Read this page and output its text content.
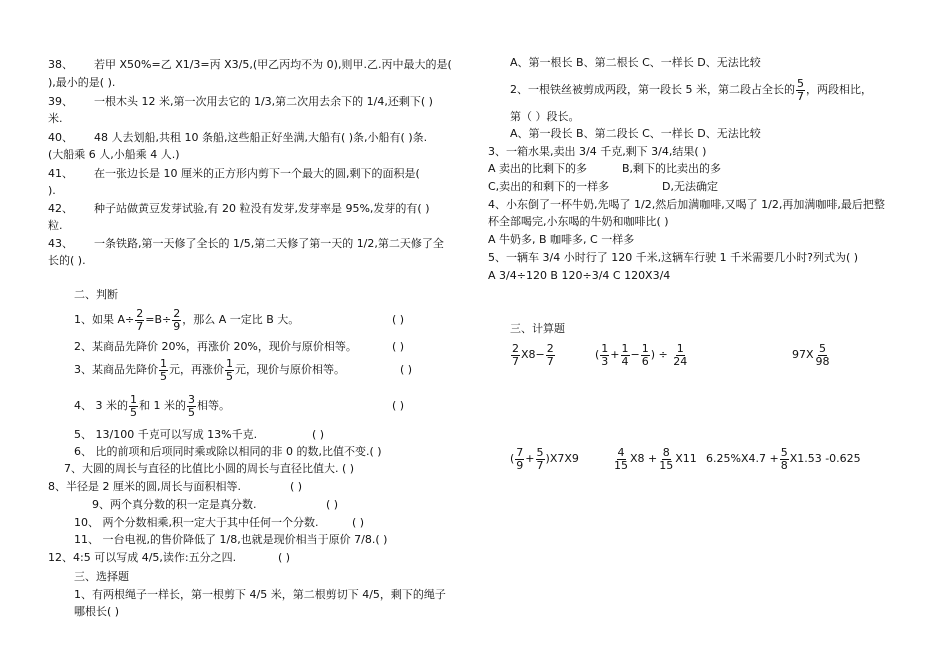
38、 若甲 X50%=乙 X1/3=丙 X3/5,(甲乙丙均不为 0),则甲.乙.丙中最大的是(
),最小的是( ).
39、 一根木头 12 米,第一次用去它的 1/3,第二次用去余下的 1/4,还剩下( )
米.
40、 48 人去划船,共租 10 条船,这些船正好坐满,大船有( )条,小船有( )条.
(大船乘 6 人,小船乘 4 人.)
41、 在一张边长是 10 厘米的正方形内剪下一个最大的圆,剩下的面积是(
).
42、 种子站做黄豆发芽试验,有 20 粒没有发芽,发芽率是 95%,发芽的有( )
粒.
43、 一条铁路,第一天修了全长的 1/5,第二天修了第一天的 1/2,第二天修了全
长的( ).
二、判断
1、如果 $A\div \frac{2}{7} =B\div \frac{2}{9}$ ，那么 A 一定比 B 大。	( )
2、某商品先降价 20%，再涨价 20%，现价与原价相等。	( )
3、某商品先降价 $\frac{1}{5}$ 元，再涨价 $\frac{1}{5}$ 元，现价与原价相等。	( )
4、 3 米的 $\frac{1}{5}$ 和 1 米的 $\frac{3}{5}$ 相等。	( )
5、 13/100 千克可以写成 13%千克.	( )
6、 比的前项和后项同时乘或除以相同的非 0 的数,比值不变.( )
7、大圆的周长与直径的比值比小圆的周长与直径比值大. ( )
8、半径是 2 厘米的圆,周长与面积相等.	( )
9、两个真分数的积一定是真分数.	( )
10、 两个分数相乘,积一定大于其中任何一个分数.	( )
11、 一台电视,的售价降低了 1/8,也就是现价相当于原价 7/8.( )
12、4:5 可以写成 4/5,读作:五分之四.	( )
三、选择题
1、有两根绳子一样长，第一根剪下 4/5 米，第二根剪切下 4/5，剩下的绳子
哪根长( )
A、第一根长 B、第二根长 C、一样长 D、无法比较
2、一根铁丝被剪成两段，第一段长 5 米，第二段占全长的 $\frac{5}{7}$ ，两段相比，
第（ ）段长。
A、第一段长 B、第二段长 C、一样长 D、无法比较
3、一箱水果,卖出 3/4 千克,剩下 3/4,结果( )
A 卖出的比剩下的多	B,剩下的比卖出的多
C,卖出的和剩下的一样多	D,无法确定
4、小东倒了一杯牛奶,先喝了 1/2,然后加满咖啡,又喝了 1/2,再加满咖啡,最后把整
杯全部喝完,小东喝的牛奶和咖啡比( )
A 牛奶多, B 咖啡多, C 一样多
5、一辆车 3/4 小时行了 120 千米,这辆车行驶 1 千米需要几小时?列式为( )
A 3/4÷120 B 120÷3/4 C 120X3/4
三、计算题
$\frac{2}{7} X8- \frac{2}{7}$	( $\frac{1}{3} + \frac{1}{4} - \frac{1}{6}$ ) ÷ $\frac{1}{24}$	$97X \frac{5}{98}$
( $\frac{7}{9} + \frac{5}{7} )X7X9$	$\frac{4}{15} X8 + \frac{8}{15} X11$ $6.25\%X4.7 + \frac{5}{8} X1.53$ -0.625
